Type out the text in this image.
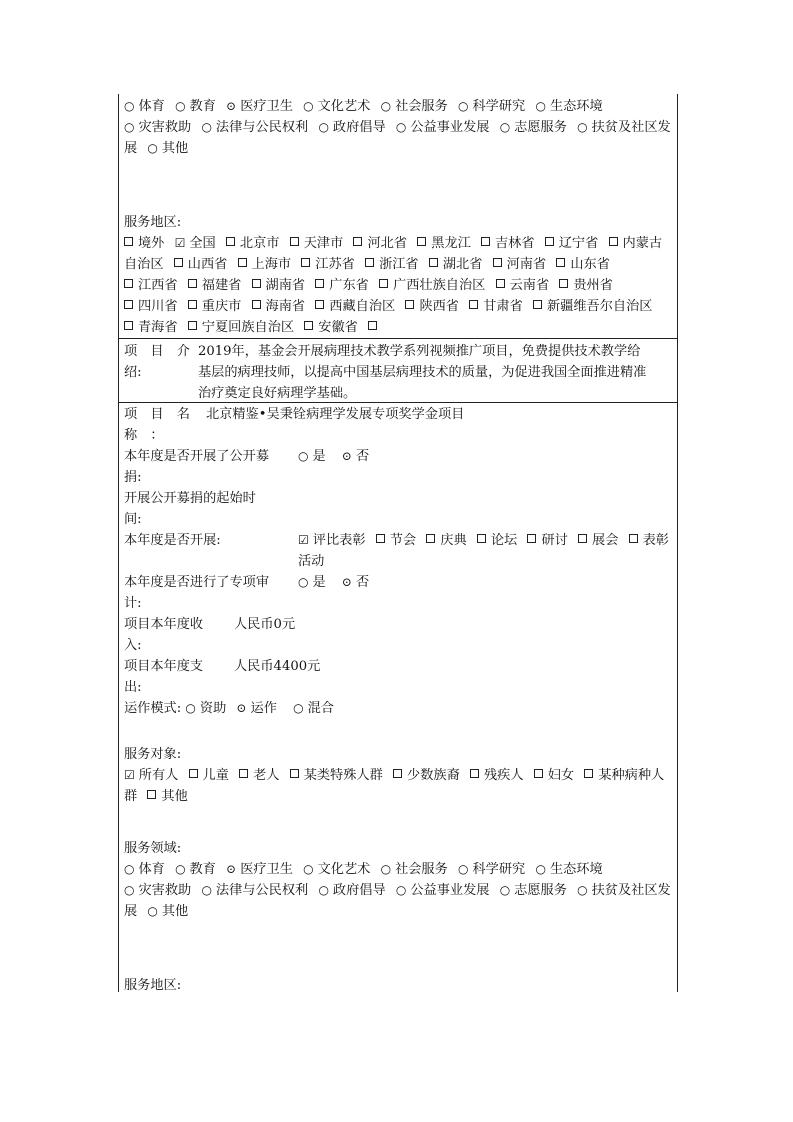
○ 体育 ○ 教育 ⊙ 医疗卫生 ○ 文化艺术 ○ 社会服务 ○ 科学研究 ○ 生态环境 ○ 灾害救助 ○ 法律与公民权利 ○ 政府倡导 ○ 公益事业发展 ○ 志愿服务 ○ 扶贫及社区发展 ○ 其他
服务地区:
境外 ☑ 全国 北京市 天津市 河北省 黑龙江 吉林省 辽宁省 内蒙古自治区 山西省 上海市 江苏省 浙江省 湖北省 河南省 山东省 江西省 福建省 湖南省 广东省 广西壮族自治区 云南省 贵州省 四川省 重庆市 海南省 西藏自治区 陕西省 甘肃省 新疆维吾尔自治区 青海省 宁夏回族自治区 安徽省
项　目　介
绍:
2019年，基金会开展病理技术教学系列视频推广项目，免费提供技术教学给
基层的病理技师，以提高中国基层病理技术的质量，为促进我国全面推进精准
治疗奠定良好病理学基础。
项　目　名
称　：
北京精鉴•吴秉铨病理学发展专项奖学金项目
本年度是否开展了公开募
捐:
○ 是 ⊙ 否
开展公开募捐的起始时
间:
本年度是否开展:	☑ 评比表彰 节会 庆典 论坛 研讨 展会 表彰活动
本年度是否进行了专项审
计:
○ 是 ⊙ 否
项目本年度收
入:
人民币0元
项目本年度支
出:
人民币4400元
运作模式: ○ 资助 ⊙ 运作 ○ 混合
服务对象:
☑ 所有人 儿童 老人 某类特殊人群 少数族裔 残疾人 妇女 某种病种人群 其他
服务领域:
○ 体育 ○ 教育 ⊙ 医疗卫生 ○ 文化艺术 ○ 社会服务 ○ 科学研究 ○ 生态环境 ○ 灾害救助 ○ 法律与公民权利 ○ 政府倡导 ○ 公益事业发展 ○ 志愿服务 ○ 扶贫及社区发展 ○ 其他
服务地区:
